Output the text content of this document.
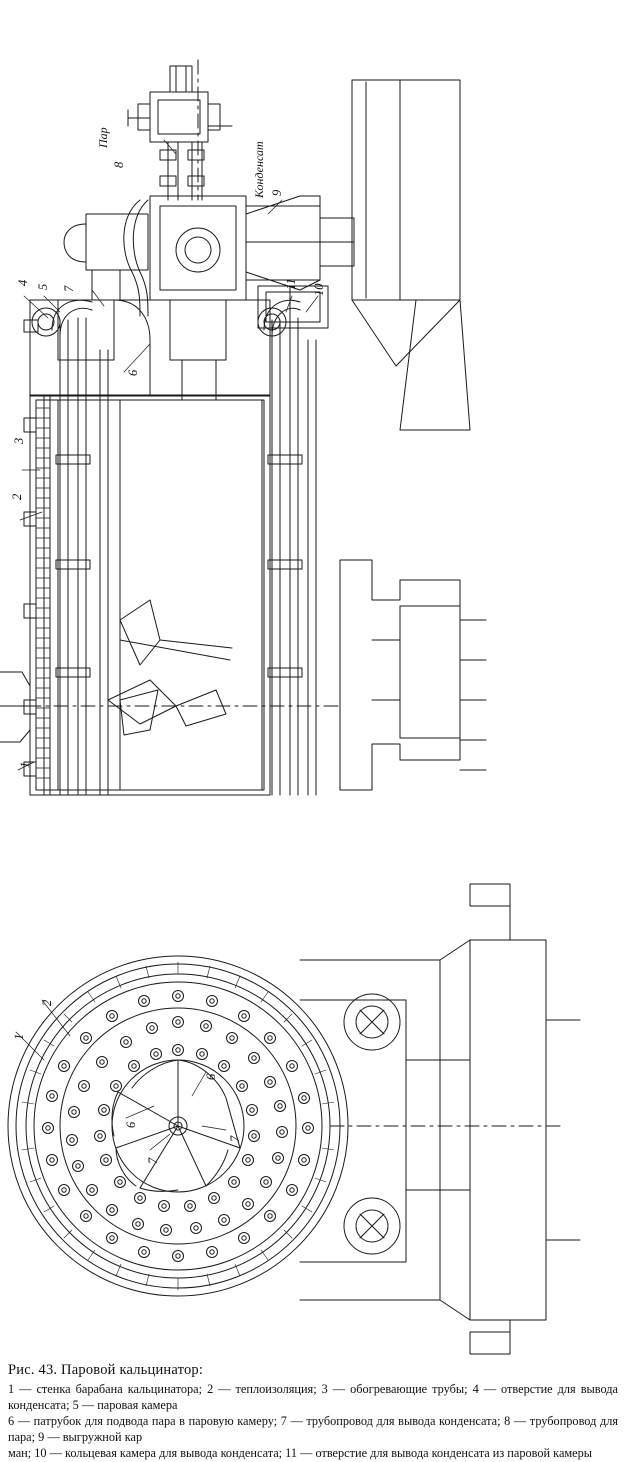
Пар
Конденсат
8
9
4
5 7
6
11 10
3
2
1
2
1
6
7
6
7
Рис. 43. Паровой кальцинатор:
1 — стенка барабана кальцинатора; 2 — теплоизоляция; 3 — обогревающие трубы; 4 — отверстие для вывода конденсата; 5 — паровая камера
6 — патрубок для подвода пара в паровую камеру; 7 — трубопровод для вывода конденсата; 8 — трубопровод для пара; 9 — выгружной кар
ман; 10 — кольцевая камера для вывода конденсата; 11 — отверстие для вывода конденсата из паровой камеры
